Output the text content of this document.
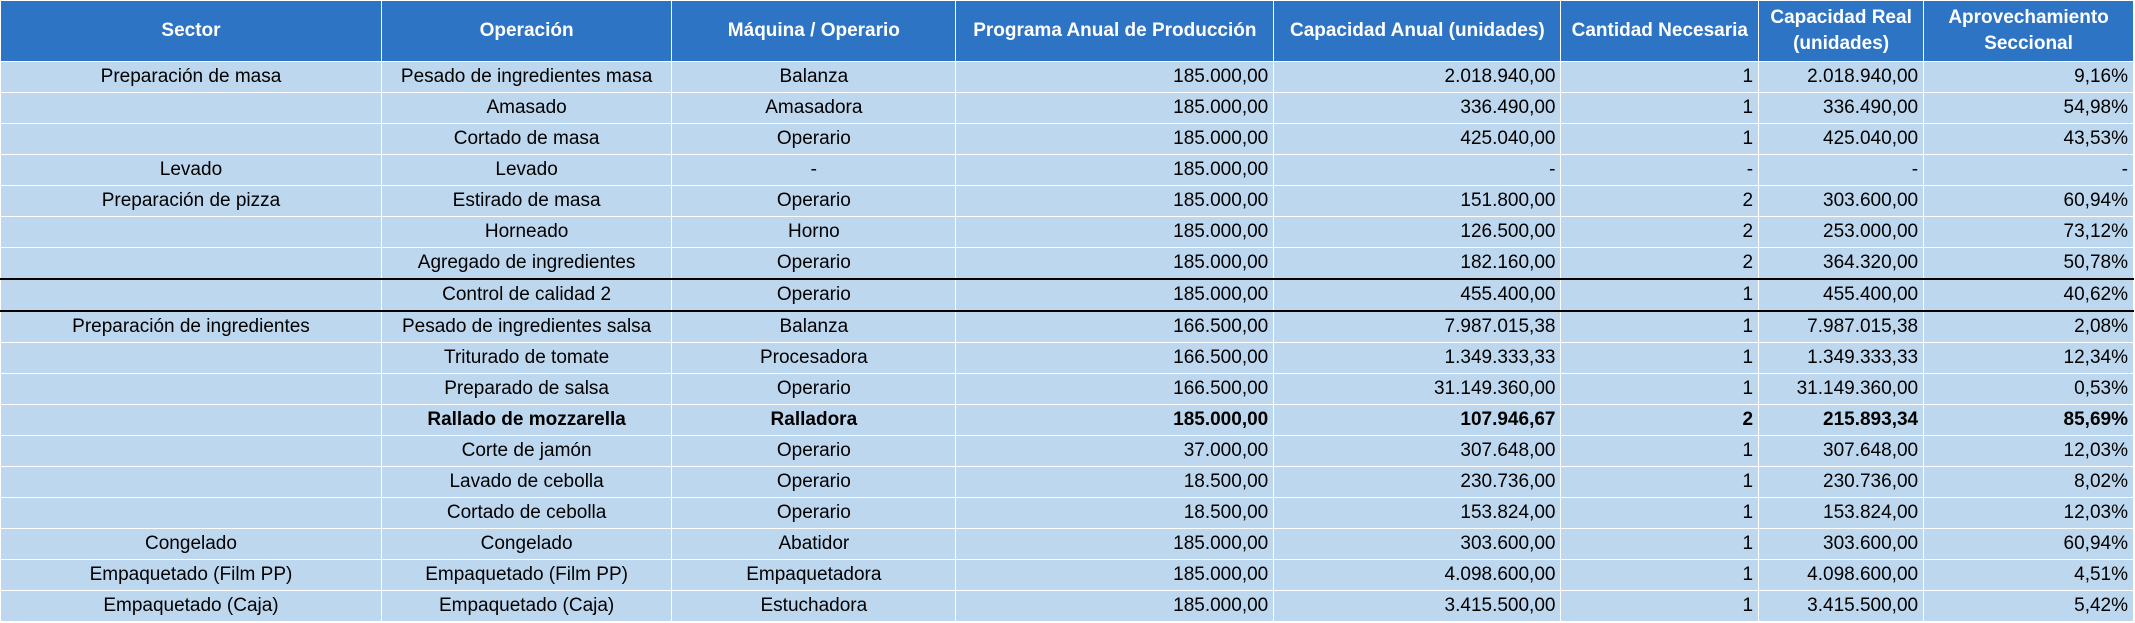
Sector	Operación	Máquina / Operario	Programa Anual de Producción	Capacidad Anual (unidades)	Cantidad Necesaria	Capacidad Real (unidades)	Aprovechamiento Seccional
Preparación de masa	Pesado de ingredientes masa	Balanza	185.000,00	2.018.940,00	1	2.018.940,00	9,16%
	Amasado	Amasadora	185.000,00	336.490,00	1	336.490,00	54,98%
	Cortado de masa	Operario	185.000,00	425.040,00	1	425.040,00	43,53%
Levado	Levado	-	185.000,00	-	-	-	-
Preparación de pizza	Estirado de masa	Operario	185.000,00	151.800,00	2	303.600,00	60,94%
	Horneado	Horno	185.000,00	126.500,00	2	253.000,00	73,12%
	Agregado de ingredientes	Operario	185.000,00	182.160,00	2	364.320,00	50,78%
	Control de calidad 2	Operario	185.000,00	455.400,00	1	455.400,00	40,62%
Preparación de ingredientes	Pesado de ingredientes salsa	Balanza	166.500,00	7.987.015,38	1	7.987.015,38	2,08%
	Triturado de tomate	Procesadora	166.500,00	1.349.333,33	1	1.349.333,33	12,34%
	Preparado de salsa	Operario	166.500,00	31.149.360,00	1	31.149.360,00	0,53%
	Rallado de mozzarella	Ralladora	185.000,00	107.946,67	2	215.893,34	85,69%
	Corte de jamón	Operario	37.000,00	307.648,00	1	307.648,00	12,03%
	Lavado de cebolla	Operario	18.500,00	230.736,00	1	230.736,00	8,02%
	Cortado de cebolla	Operario	18.500,00	153.824,00	1	153.824,00	12,03%
Congelado	Congelado	Abatidor	185.000,00	303.600,00	1	303.600,00	60,94%
Empaquetado (Film PP)	Empaquetado (Film PP)	Empaquetadora	185.000,00	4.098.600,00	1	4.098.600,00	4,51%
Empaquetado (Caja)	Empaquetado (Caja)	Estuchadora	185.000,00	3.415.500,00	1	3.415.500,00	5,42%
